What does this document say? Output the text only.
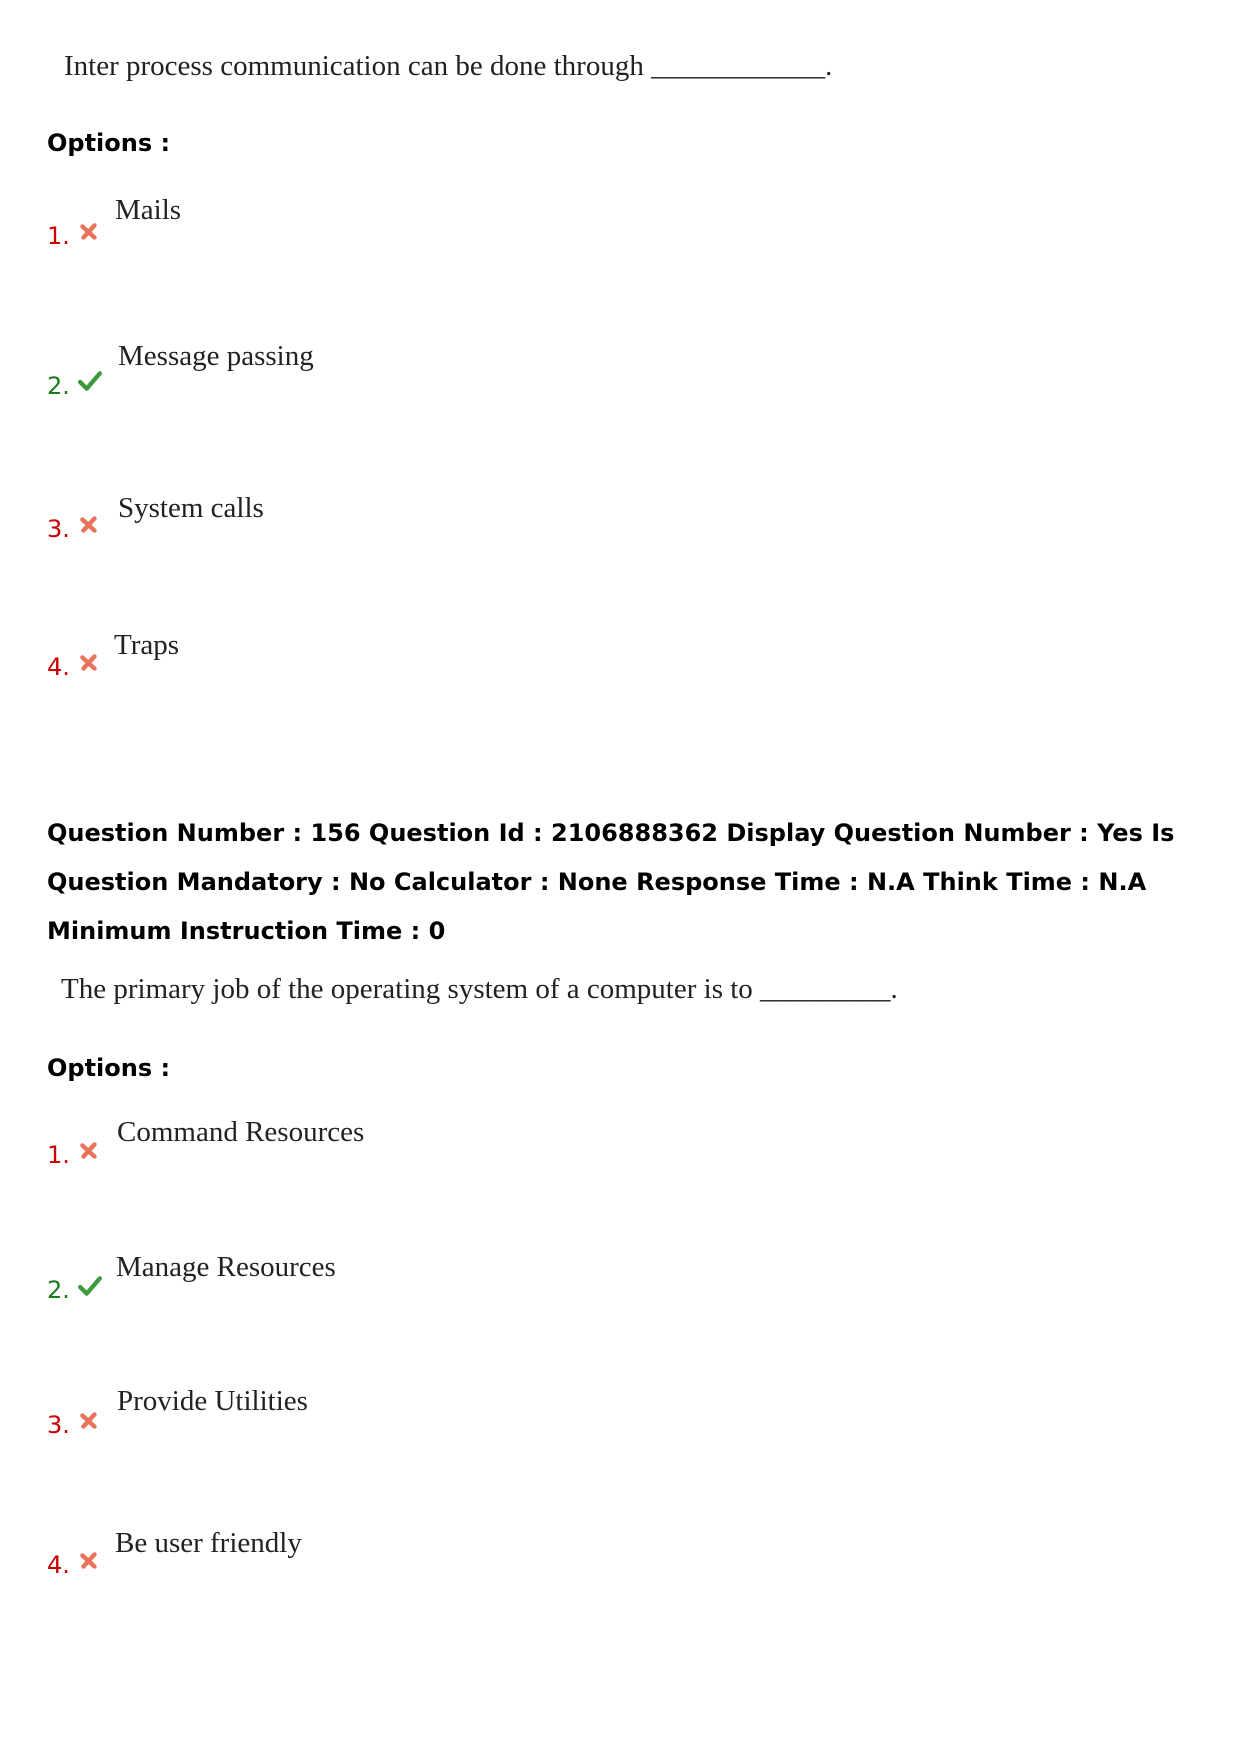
Inter process communication can be done through ____________.
Options :
1.
Mails
2.
Message passing
3.
System calls
4.
Traps
Question Number : 156 Question Id : 2106888362 Display Question Number : Yes Is Question Mandatory : No Calculator : None Response Time : N.A Think Time : N.A Minimum Instruction Time : 0
The primary job of the operating system of a computer is to _________.
Options :
1.
Command Resources
2.
Manage Resources
3.
Provide Utilities
4.
Be user friendly
